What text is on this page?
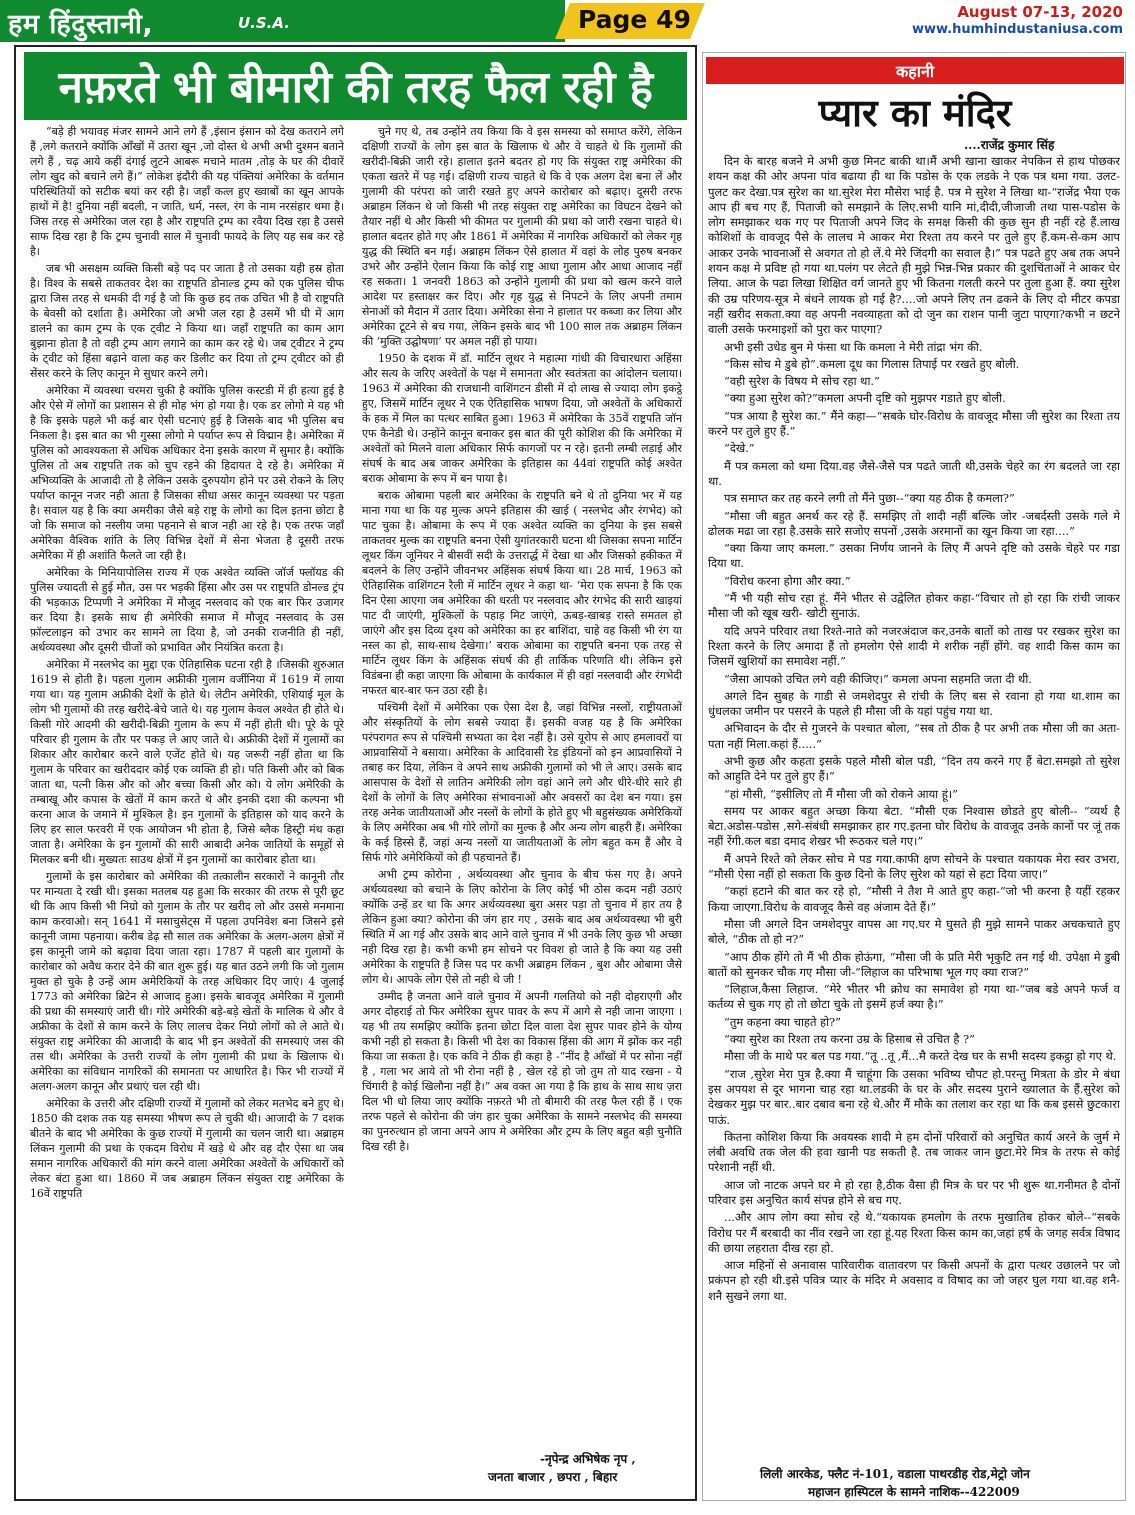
हम हिंदुस्तानी,	U.S.A.	Page 49	August 07-13, 2020
www.humhindustaniusa.com
नफ़रते भी बीमारी की तरह फैल रही है

“बड़े ही भयावह मंजर सामने आने लगे हैं ,इंसान इंसान को देख कतराने लगे हैं ,लगे कतराने क्योंकि आँखों में उतरा खून ,जो दोस्त थे अभी अभी दुश्मन बताने लगे हैं , चढ़ आये कहीं दंगाई लुटने आबरू मचाने मातम ,तोड़ के घर की दीवारें लोग खुद को बचाने लगे हैं।” लोकेश इंदौरी की यह पंक्तियां अमेरिका के वर्तमान परिस्थितियों को सटीक बयां कर रही है। जहाँ कत्ल हुए ख्वाबों का खून आपके हाथों में है! दुनिया नहीं बदली, न जाति, धर्म, नस्ल, रंग के नाम नरसंहार थमा है। जिस तरह से अमेरिका जल रहा है और राष्ट्रपति ट्रम्प का रवैया दिख रहा है उससे साफ दिख रहा है कि ट्रम्प चुनावी साल में चुनावी फायदे के लिए यह सब कर रहे है।

जब भी असक्षम व्यक्ति किसी बड़े पद पर जाता है तो उसका यही हस्र होता है। विश्व के सबसे ताकतवर देश का राष्ट्रपति डोनाल्ड ट्रम्प को एक पुलिस चीफ द्वारा जिस तरह से धमकी दी गई है जो कि कुछ हद तक उचित भी है वो राष्ट्रपति के बेवसी को दर्शाता है। अमेरिका जो अभी जल रहा है उसमें भी घी में आग डालने का काम ट्रम्प के एक ट्वीट ने किया था। जहाँ राष्ट्रपति का काम आग बुझाना होता है तो वही ट्रम्प आग लगाने का काम कर रहे थे। जब ट्वीटर ने ट्रम्प के ट्वीट को हिंसा बढ़ाने वाला कह कर डिलीट कर दिया तो ट्रम्प ट्वीटर को ही सेंसर करने के लिए कानून मे सुधार करने लगे।

अमेरिका में व्यवस्था चरमरा चुकी है क्योंकि पुलिस कस्टडी में ही हत्या हुई है और ऐसे में लोगों का प्रशासन से ही मोह भंग हो गया है। एक डर लोगो मे यह भी है कि इसके पहले भी कई बार ऐसी घटनाएं हुई है जिसके बाद भी पुलिस बच निकला है। इस बात का भी गुस्सा लोगो मे पर्याप्त रूप से विद्मान है। अमेरिका में पुलिस को आवश्यकता से अधिक अधिकार देना इसके कारण में सुमार है। क्योंकि पुलिस तो अब राष्ट्रपति तक को चुप रहने की हिदायत दे रहे है। अमेरिका में अभिव्यक्ति के आजादी तो है लेकिन उसके दुरुपयोग होने पर उसे रोकने के लिए पर्याप्त कानून नजर नही आता है जिसका सीधा असर कानून व्यवस्था पर पड़ता है। सवाल यह है कि क्या अमरीका जैसे बड़े राष्ट्र के लोगो का दिल इतना छोटा है जो कि समाज को नस्लीय जमा पहनाने से बाज नही आ रहे है। एक तरफ जहाँ अमेरिका वैश्विक शांति के लिए विभिन्न देशों में सेना भेजता है दूसरी तरफ अमेरिका में ही अशांति फैलते जा रही है।

अमेरिका के मिनियापोलिस राज्य में एक अश्वेत व्यक्ति जॉर्ज फ्लॉयड की पुलिस ज्यादती से हुई मौत, उस पर भड़की हिंसा और उस पर राष्ट्रपति डोनल्ड ट्रंप की भड़काऊ टिप्पणी ने अमेरिका में मौजूद नस्लवाद को एक बार फिर उजागर कर दिया है। इसके साथ ही अमेरिकी समाज में मौजूद नस्लवाद के उस फ़ॉल्टलाइन को उभार कर सामने ला दिया है, जो उनकी राजनीति ही नहीं, अर्थव्यवस्था और दूसरी चीजों को प्रभावित और नियंत्रित करता है।

अमेरिका में नस्लभेद का मुद्दा एक ऐतिहासिक घटना रही है ।जिसकी शुरुआत 1619 से होती है। पहला गुलाम अफ्रीकी गुलाम वर्जीनिया में 1619 में लाया गया था। यह गुलाम अफ्रीकी देशों के होते थे। लेटीन अमेरिकी, एशियाई मूल के लोग भी गुलामों की तरह खरीदे-बेचे जाते थे। यह गुलाम केवल अश्वेत ही होते थे। किसी गोरे आदमी की खरीदी-बिक्री गुलाम के रूप में नहीं होती थी। पूरे के पूरे परिवार ही गुलाम के तौर पर पकड़ ले आए जाते थे। अफ्रीकी देशों में गुलामों का शिकार और कारोबार करने वाले एजेंट होते थे। यह जरूरी नहीं होता था कि गुलाम के परिवार का खरीददार कोई एक व्यक्ति ही हो। पति किसी और को बिक जाता था, पत्नी किस और को और बच्चा किसी और को। ये लोग अमेरिकी के तम्बाखू और कपास के खेतों में काम करते थे और इनकी दशा की कल्पना भी करना आज के जमाने में मुश्किल है। इन गुलामों के इतिहास को याद करने के लिए हर साल फरवरी में एक आयोजन भी होता है, जिसे ब्लैक हिस्ट्री मंथ कहा जाता है। अमेरिका के इन गुलामों की सारी आबादी अनेक जातियों के समूहों से मिलकर बनी थी। मुख्यतः साउथ क्षेत्रों में इन गुलामों का कारोबार होता था।

गुलामों के इस कारोबार को अमेरिका की तत्कालीन सरकारों ने कानूनी तौर पर मान्यता दे रखी थी। इसका मतलब यह हुआ कि सरकार की तरफ से पूरी छूट थी कि आप किसी भी निग्रो को गुलाम के तौर पर खरीद लो और उससे मनमाना काम करवाओ। सन् 1641 में मसाचुसेट्स में पहला उपनिवेश बना जिसने इसे कानूनी जामा पहनाया। करीब डेढ़ सौ साल तक अमेरिका के अलग-अलग क्षेत्रों में इस कानूनी जामे को बढ़ावा दिया जाता रहा। 1787 में पहली बार गुलामों के कारोबार को अवैध करार देने की बात शुरू हुई। यह बात उठने लगी कि जो गुलाम मुक्त हो चुके है उन्हें आम अमेरिकियों के तरह अधिकार दिए जाएं। 4 जुलाई 1773 को अमेरिका ब्रिटेन से आजाद हुआ। इसके बावजूद अमेरिका में गुलामी की प्रथा की समस्याएं जारी थी। गोरे अमेरिकी बड़े-बड़े खेतों के मालिक थे और वे अफ्रीका के देशों से काम करने के लिए लालच देकर निग्रो लोगों को ले आते थे। संयुक्त राष्ट्र अमेरिका की आजादी के बाद भी इन अश्वेतों की समस्याएं जस की तस थी। अमेरिका के उत्तरी राज्यों के लोग गुलामी की प्रथा के खिलाफ थे। अमेरिका का संविधान नागरिकों की समानता पर आधारित है। फिर भी राज्यों में अलग-अलग कानून और प्रथाएं चल रही थी।

अमेरिका के उत्तरी और दक्षिणी राज्यों में गुलामों को लेकर मतभेद बने हुए थे। 1850 की दशक तक यह समस्या भीषण रूप ले चुकी थी। आजादी के 7 दशक बीतने के बाद भी अमेरिका के कुछ राज्यों में गुलामी का चलन जारी था। अब्राहम लिंकन गुलामी की प्रथा के एकदम विरोध में खड़े थे और वह दौर ऐसा था जब समान नागरिक अधिकारों की मांग करने वाला अमेरिका अश्वेतों के अधिकारों को लेकर बंटा हुआ था। 1860 में जब अब्राहम लिंकन संयुक्त राष्ट्र अमेरिका के 16वें राष्ट्रपति

चुने गए थे, तब उन्होंने तय किया कि वे इस समस्या को समाप्त करेंगे, लेकिन दक्षिणी राज्यों के लोग इस बात के खिलाफ थे और वे चाहते थे कि गुलामों की खरीदी-बिक्री जारी रहे। हालात इतने बदतर हो गए कि संयुक्त राष्ट्र अमेरिका की एकता खतरे में पड़ गई। दक्षिणी राज्य चाहते थे कि वे एक अलग देश बना लें और गुलामी की परंपरा को जारी रखते हुए अपने कारोबार को बढ़ाए। दूसरी तरफ अब्राहम लिंकन थे जो किसी भी तरह संयुक्त राष्ट्र अमेरिका का विघटन देखने को तैयार नहीं थे और किसी भी कीमत पर गुलामी की प्रथा को जारी रखना चाहते थे। हालात बदतर होते गए और 1861 में अमेरिका में नागरिक अधिकारों को लेकर गृह युद्ध की स्थिति बन गई। अब्राहम लिंकन ऐसे हालात में वहां के लोह पुरुष बनकर उभरे और उन्होंने ऐलान किया कि कोई राष्ट्र आधा गुलाम और आधा आजाद नहीं रह सकता। 1 जनवरी 1863 को उन्होंने गुलामी की प्रथा को खत्म करने वाले आदेश पर हस्ताक्षर कर दिए। और गृह युद्ध से निपटने के लिए अपनी तमाम सेनाओं को मैदान में उतार दिया। अमेरिका सेना ने हालात पर कब्जा कर लिया और अमेरिका टूटने से बच गया, लेकिन इसके बाद भी 100 साल तक अब्राहम लिंकन की ‘मुक्ति उद्घोषणा’ पर अमल नहीं हो पाया।

1950 के दशक में डॉ. मार्टिन लूथर ने महात्मा गांधी की विचारधारा अहिंसा और सत्य के जरिए अश्वेतों के पक्ष में समानता और स्वतंत्रता का आंदोलन चलाया। 1963 में अमेरिका की राजधानी वाशिंगटन डीसी में दो लाख से ज्यादा लोग इकट्ठे हुए, जिसमें मार्टिन लूथर ने एक ऐतिहासिक भाषण दिया, जो अश्वेतों के अधिकारों के हक में मिल का पत्थर साबित हुआ। 1963 में अमेरिका के 35वें राष्ट्रपति जॉन एफ कैनेडी थे। उन्होंने कानून बनाकर इस बात की पूरी कोशिश की कि अमेरिका में अश्वेतों को मिलने वाला अधिकार सिर्फ कागजों पर न रहे। इतनी लम्बी लड़ाई और संघर्ष के बाद अब जाकर अमेरिका के इतिहास का 44वां राष्ट्रपति कोई अश्वेत बराक ओबामा के रूप में बन पाया है।

बराक ओबामा पहली बार अमेरिका के राष्ट्रपति बने थे तो दुनिया भर में यह माना गया था कि यह मुल्क अपने इतिहास की खाई ( नस्लभेद और रंगभेद) को पाट चुका है। ओबामा के रूप में एक अश्वेत व्यक्ति का दुनिया के इस सबसे ताकतवर मुल्क का राष्ट्रपति बनना ऐसी युगांतरकारी घटना थी जिसका सपना मार्टिन लूथर किंग जूनियर ने बीसवीं सदी के उत्तरार्द्ध में देखा था और जिसको हकीकत में बदलने के लिए उन्होंने जीवनभर अहिंसक संघर्ष किया था। 28 मार्च, 1963 को ऐतिहासिक वाशिंगटन रैली में मार्टिन लूथर ने कहा था- ‘मेरा एक सपना है कि एक दिन ऐसा आएगा जब अमेरिका की धरती पर नस्लवाद और रंगभेद की सारी खाइयां पाट दी जाएंगी, मुश्किलों के पहाड़ मिट जाएंगे, ऊबड़-खाबड़ रास्ते समतल हो जाएंगे और इस दिव्य दृश्य को अमेरिका का हर बाशिंदा, चाहे वह किसी भी रंग या नस्ल का हो, साथ-साथ देखेगा।’ बराक ओबामा का राष्ट्रपति बनना एक तरह से मार्टिन लूथर किंग के अहिंसक संघर्ष की ही तार्किक परिणति थी। लेकिन इसे विडंबना ही कहा जाएगा कि ओबामा के कार्यकाल में ही वहां नस्लवादी और रंगभेदी नफरत बार-बार फन उठा रही है।

पश्चिमी देशों में अमेरिका एक ऐसा देश है, जहां विभिन्न नस्लों, राष्ट्रीयताओं और संस्कृतियों के लोग सबसे ज्यादा हैं। इसकी वजह यह है कि अमेरिका परंपरागत रूप से पश्चिमी सभ्यता का देश नहीं है। उसे यूरोप से आए हमलावरों या आप्रवासियों ने बसाया। अमेरिका के आदिवासी रेड इंडियनों को इन आप्रवासियों ने तबाह कर दिया, लेकिन वे अपने साथ अफ्रीकी गुलामों को भी ले आए। उसके बाद आसपास के देशों से लातिन अमेरिकी लोग वहां आने लगे और धीरे-धीरे सारे ही देशों के लोगों के लिए अमेरिका संभावनाओं और अवसरों का देश बन गया। इस तरह अनेक जातीयताओं और नस्लों के लोगों के होते हुए भी बहुसंख्यक अमेरिकियों के लिए अमेरिका अब भी गोरे लोगों का मुल्क है और अन्य लोग बाहरी हैं। अमेरिका के कई हिस्से हैं, जहां अन्य नस्लों या जातीयताओं के लोग बहुत कम हैं और वे सिर्फ गोरे अमेरिकियों को ही पहचानते हैं।

अभी ट्रम्प कोरोना , अर्थव्यवस्था और चुनाव के बीच फंस गए है। अपने अर्थव्यवस्था को बचाने के लिए कोरोना के लिए कोई भी ठोस कदम नही उठाएं क्योंकि उन्हें डर था कि अगर अर्थव्यवस्था बुरा असर पड़ा तो चुनाव में हार तय है लेकिन हुआ क्या? कोरोना की जंग हार गए , उसके बाद अब अर्थव्यवस्था भी बुरी स्थिति में आ गई और उसके बाद आने वाले चुनाव में भी उनके लिए कुछ भी अच्छा नही दिख रहा है। कभी कभी हम सोचने पर विवश हो जाते है कि क्या यह उसी अमेरिका के राष्ट्रपति है जिस पद पर कभी अब्राहम लिंकन , बुश और ओबामा जैसे लोग थे। आपके लोग ऐसे तो नही थे जी !

उम्मीद है जनता आने वाले चुनाव में अपनी गलतियो को नही दोहराएगी और अगर दोहराई तो फिर अमेरिका सुपर पावर के रूप में आगे से नही जाना जाएगा । यह भी तय समझिए क्योंकि इतना छोटा दिल वाला देश सुपर पावर होने के योग्य कभी नही हो सकता है। किसी भी देश का विकास हिंसा की आग में झोंक कर नही किया जा सकता है। एक कवि ने ठीक ही कहा है -“नींद है आँखों में पर सोना नहीं है , गला भर आये तो भी रोना नहीं है , खेल रहे हो जो तुम तो याद रखना - ये चिंगारी है कोई खिलौना नहीं है।” अब वक्त आ गया है कि हाथ के साथ साथ ज़रा दिल भी धो लिया जाए क्योंकि नफ़रते भी तो बीमारी की तरह फैल रही हैं । एक तरफ पहले से कोरोना की जंग हार चुका अमेरिका के सामने नस्लभेद की समस्या का पुनरुत्थान हो जाना अपने आप मे अमेरिका और ट्रम्प के लिए बहुत बड़ी चुनौति दिख रही है।

-नृपेन्द्र अभिषेक नृप ,
जनता बाजार , छपरा , बिहार
कहानी
प्यार का मंदिर
....राजेंद्र कुमार सिंह

दिन के बारह बजने मे अभी कुछ मिनट बाकी था।मैं अभी खाना खाकर नेपकिन से हाथ पोछकर शयन कक्ष की ओर अपना पांव बढाया ही था कि पडोस के एक लडके ने एक पत्र थमा गया. उलट-पुलट कर देखा.पत्र सुरेश का था.सुरेश मेरा मौसेरा भाई है. पत्र मे सुरेश ने लिखा था-“राजेंद्र भैया एक आप ही बच गए हैं, पिताजी को समझाने के लिए.सभी यानि मां,दीदी,जीजाजी तथा पास-पडोस के लोग समझाकर थक गए पर पिताजी अपने जिद के समक्ष किसी की कुछ सुन ही नहीं रहे हैं.लाख कोशिशों के वावजूद पैसे के लालच मे आकर मेरा रिश्ता तय करने पर तुले हुए हैं.कम-से-कम आप आकर उनके भावनाओं से अवगत तो हो लें.ये मेरे जिंदगी का सवाल है।” पत्र पढते हुए अब तक अपने शयन कक्ष मे प्रविष्ट हो गया था.पलंग पर लेटते ही मुझे भिन्न-भिन्न प्रकार की दुशचिंताओं ने आकर घेर लिया. आज के पढा लिखा शिक्षित वर्ग जानते हुए भी कितना गलती करने पर तुला हुआ हैं. क्या सुरेश की उम्र परिणय-सूत्र मे बंधने लायक हो गई है?....जो अपने लिए तन ढकने के लिए दो मीटर कपडा नहीं खरीद सकता.क्या वह अपनी नवव्याहता को दो जुन का राशन पानी जुटा पाएगा?कभी न छटने वाली उसके फरमाइशों को पुरा कर पाएगा?

अभी इसी उधेड बुन मे फंसा था कि कमला ने मेरी तांद्रा भंग की.

“किस सोच मे डुबे हो”.कमला दूध का गिलास तिपाई पर रखते हुए बोली.

“वही सुरेश के विषय मे सोच रहा था.”

“क्या हुआ सुरेश को?”कमला अपनी दृष्टि को मुझपर गडाते हुए बोली.

“पत्र आया है सुरेश का.” मैंने कहा—“सबके घोर-विरोध के वावजूद मौसा जी सुरेश का रिश्ता तय करने पर तुले हुए हैं.”

“देखे.”

मैं पत्र कमला को थमा दिया.वह जैसे-जैसे पत्र पढते जाती थी,उसके चेहरे का रंग बदलते जा रहा था.

पत्र समाप्त कर तह करने लगी तो मैंने पुछा--“क्या यह ठीक है कमला?”

“मौसा जी बहुत अनर्थ कर रहे हैं. समझिए तो शादी नहीं बल्कि जोर -जबर्दस्ती उसके गले मे ढोलक मढा जा रहा है.उसके सारे सजोए सपनों ,उसके अरमानों का खून किया जा रहा....”

“क्या किया जाए कमला.” उसका निर्णय जानने के लिए मैं अपने दृष्टि को उसके चेहरे पर गडा दिया था.

“विरोध करना होगा और क्या.”

“मैं भी यही सोच रहा हूं. मैंने भीतर से उद्वेलित होकर कहा-“विचार तो हो रहा कि रांची जाकर मौसा जी को खूब खरी- खोटी सुनाऊं.

यदि अपने परिवार तथा रिश्ते-नाते को नजरअंदाज कर,उनके बातों को ताख पर रखकर सुरेश का रिश्ता करने के लिए अमादा हैं तो हमलोग ऐसे शादी मे शरीक नहीं होंगे. वह शादी किस काम का जिसमें खुशियों का समावेश नहीं.”

“जैसा आपको उचित लगे वही कीजिए।” कमला अपना सहमति जता दी थी.

अगले दिन सुबह के गाडी से जमशेदपुर से रांची के लिए बस से रवाना हो गया था.शाम का धुंधलका जमीन पर पसरने के पहले ही मौसा जी के यहां पहुंच गया था.

अभिवादन के दौर से गुजरने के पश्चात बोला, “सब तो ठीक है पर अभी तक मौसा जी का अता-पता नहीं मिला.कहां हैं.....”

अभी कुछ और कहता इसके पहले मौसी बोल पडी, “दिन तय करने गए हैं बेटा.समझो तो सुरेश को आहुति देने पर तुले हुए हैं।”

“हां मौसी, “इसीलिए तो मैं मौसा जी को रोकने आया हूं।”

समय पर आकर बहुत अच्छा किया बेटा. “मौसी एक निश्वास छोडते हुए बोली-- “व्यर्थ है बेटा.अडोस-पडोस ,सगे-संबंधी समझाकर हार गए.इतना घोर विरोध के वावजूद उनके कानों पर जूं तक नहीं रेंगी.कल बडा दमाद शेखर भी रूठकर चले गए।”

मैं अपने रिश्ते को लेकर सोच मे पड गया.काफी क्षण सोचने के पश्चात यकायक मेरा स्वर उभरा, “मौसी ऐसा नहीं हो सकता कि कुछ दिनो के लिए सुरेश को यहां से हटा दिया जाए।”

“कहां हटाने की बात कर रहे हो, “मौसी ने तैश मे आते हुए कहा-“जो भी करना है यहीं रहकर किया जाएगा.विरोध के वावजूद कैसे वह अंजाम देते हैं।”

मौसा जी अगले दिन जमशेदपुर वापस आ गए.घर मे घुसते ही मुझे सामने पाकर अचकचाते हुए बोले, “ठीक तो हो न?”

“आप ठीक होंगे तो मैं भी ठीक होऊंगा, “मौसा जी के प्रति मेरी भृकुटि तन गई थी. उपेक्षा मे डुबी बातों को सुनकर चौक गए मौसा जी-“लिहाज का परिभाषा भूल गए क्या राज?”

“लिहाज,कैसा लिहाज. “मेरे भीतर भी क्रोध का समावेश हो गया था-“जब बडे अपने फर्ज व कर्तव्य से चुक गए हो तो छोटा चुके तो इसमें हर्ज क्या है।”

“तुम कहना क्या चाहते हो?”

“क्या सुरेश का रिश्ता तय करना उम्र के हिसाब से उचित है ?”

मौसा जी के माथे पर बल पड गया.“तू ..तू ,मैं...मै करते देख घर के सभी सदस्य इकट्ठा हो गए थे.

“राज ,सुरेश मेरा पुत्र है.क्या मैं चाहूंगा कि उसका भविष्य चौपट हो.परन्तु मित्रता के डोर मे बंधा इस अपयश से दूर भागना चाह रहा था.लडकी के घर के और सदस्य पुराने ख्यालात के हैं.सुरेश को देखकर मुझ पर बार..बार दबाव बना रहे थे.और मैं मौके का तलाश कर रहा था कि कब इससे छुटकारा पाऊं.

कितना कोशिश किया कि अवयस्क शादी मे हम दोनों परिवारों को अनुचित कार्य अरने के जुर्म मे लंबी अवधि तक जेल की हवा खानी पड सकती है. तब जाकर जान छुटा.मेरे मित्र के तरफ से कोई परेशानी नहीं थी.

आज जो नाटक अपने घर मे हो रहा है,ठीक वैसा ही मित्र के घर पर भी शुरू था.गनीमत है दोनों परिवार इस अनुचित कार्य संपन्न होने से बच गए.

...और आप लोग क्या सोच रहे थे.“यकायक हमलोग के तरफ मुखातिब होकर बोले--“सबके विरोध पर मैं बरबादी का नींव रखने जा रहा हूं.यह रिश्ता किस काम का,जहां हर्ष के जगह सर्वत्र विषाद की छाया लहराता दीख रहा हो.

आज महिनों से अनावास पारिवारीक वातावरण पर किसी अपनों के द्वारा पत्थर उछालने पर जो प्रकंपन हो रही थी.इसे पवित्र प्यार के मंदिर मे अवसाद व विषाद का जो जहर घुल गया था.वह शनै-शनै सुखने लगा था.

लिली आरकेड, फ्लैट नं-101, वडाला पाथरडीह रोड,मेट्रो जोन
महाजन हास्पिटल के सामने नाशिक--422009
